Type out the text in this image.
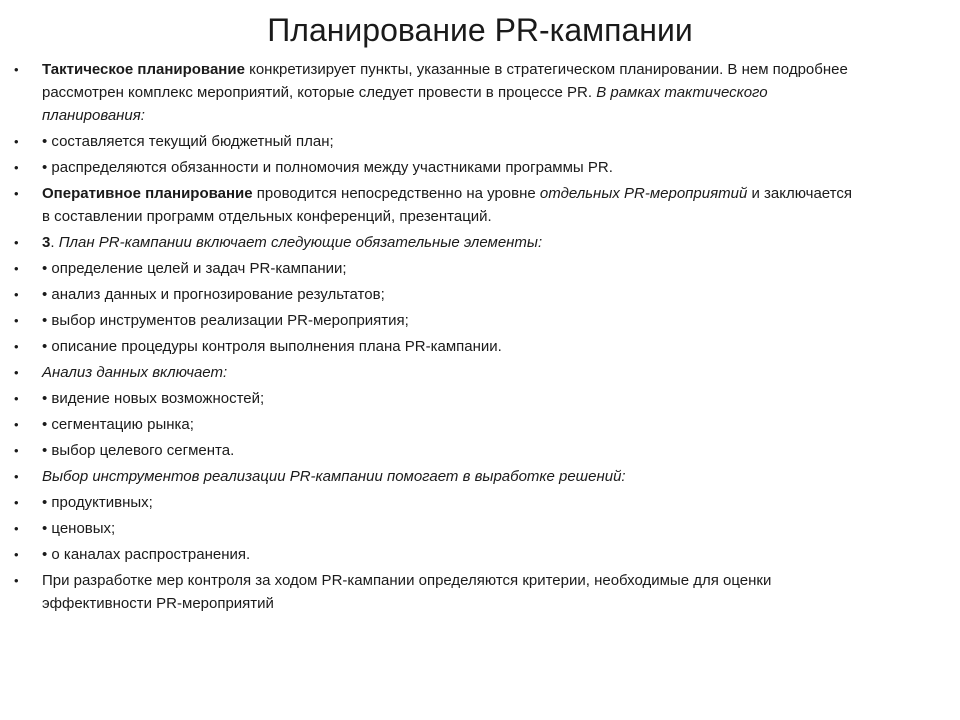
Планирование PR-кампании
•	Тактическое планирование конкретизирует пункты, указанные в стратегическом планировании. В нем подробнее рассмотрен комплекс мероприятий, которые следует провести в процессе PR. В рамках тактического планирования:
•	• составляется текущий бюджетный план;
•	• распределяются обязанности и полномочия между участниками программы PR.
•	Оперативное планирование проводится непосредственно на уровне отдельных PR-мероприятий и заключается в составлении программ отдельных конференций, презентаций.
•	3. План PR-кампании включает следующие обязательные элементы:
•	• определение целей и задач PR-кампании;
•	• анализ данных и прогнозирование результатов;
•	• выбор инструментов реализации PR-мероприятия;
•	• описание процедуры контроля выполнения плана PR-кампании.
•	Анализ данных включает:
•	• видение новых возможностей;
•	• сегментацию рынка;
•	• выбор целевого сегмента.
•	Выбор инструментов реализации PR-кампании помогает в выработке решений:
•	• продуктивных;
•	• ценовых;
•	• о каналах распространения.
•	При разработке мер контроля за ходом PR-кампании определяются критерии, необходимые для оценки эффективности PR-мероприятий
